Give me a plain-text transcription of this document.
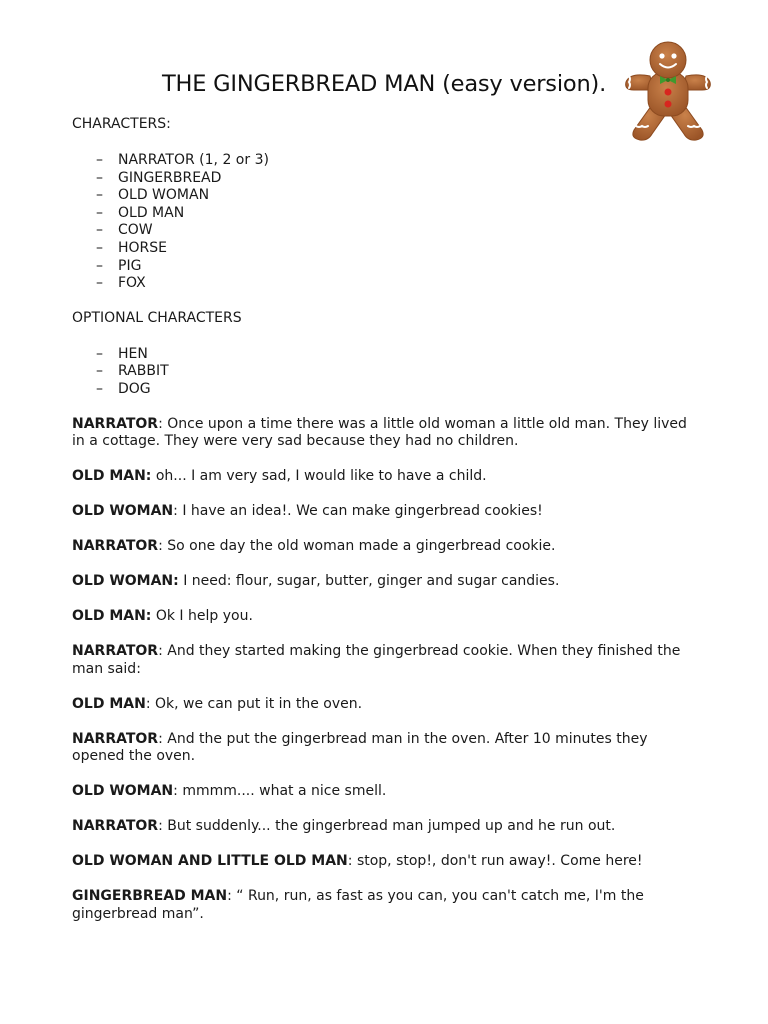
THE GINGERBREAD MAN (easy version).

CHARACTERS:

– NARRATOR (1, 2 or 3)
– GINGERBREAD
– OLD WOMAN
– OLD MAN
– COW
– HORSE
– PIG
– FOX

OPTIONAL CHARACTERS

– HEN
– RABBIT
– DOG

NARRATOR: Once upon a time there was a little old woman a little old man. They lived in a cottage. They were very sad because they had no children.

OLD MAN: oh... I am very sad, I would like to have a child.

OLD WOMAN: I have an idea!. We can make gingerbread cookies!

NARRATOR: So one day the old woman made a gingerbread cookie.

OLD WOMAN: I need: flour, sugar, butter, ginger and sugar candies.

OLD MAN: Ok I help you.

NARRATOR: And they started making the gingerbread cookie. When they finished the man said:

OLD MAN: Ok, we can put it in the oven.

NARRATOR: And the put the gingerbread man in the oven. After 10 minutes they opened the oven.

OLD WOMAN: mmmm.... what a nice smell.

NARRATOR: But suddenly... the gingerbread man jumped up and he run out.

OLD WOMAN AND LITTLE OLD MAN: stop, stop!, don't run away!. Come here!

GINGERBREAD MAN: “ Run, run, as fast as you can, you can't catch me, I'm the gingerbread man”.
